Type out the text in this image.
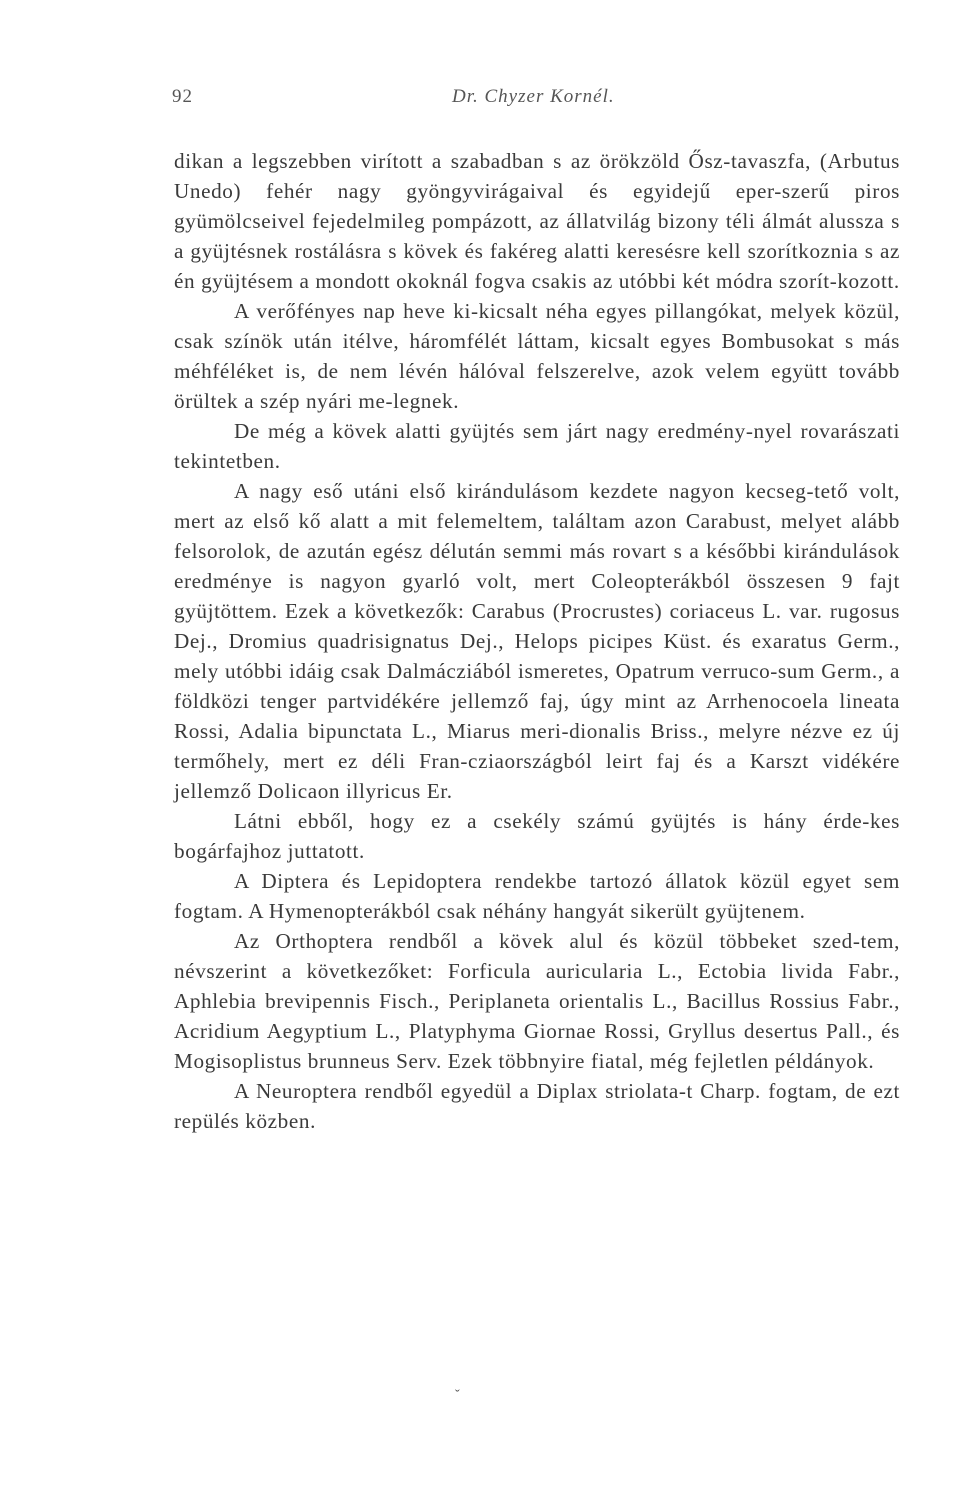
92	Dr. Chyzer Kornél.

dikan a legszebben virított a szabadban s az örökzöld Ősz-tavaszfa, (Arbutus Unedo) fehér nagy gyöngyvirágaival és egyidejű eper-szerű piros gyümölcseivel fejedelmileg pompázott, az állatvilág bizony téli álmát alussza s a gyüjtésnek rostálásra s kövek és fakéreg alatti keresésre kell szorítkoznia s az én gyüjtésem a mondott okoknál fogva csakis az utóbbi két módra szorít-kozott.

A verőfényes nap heve ki-kicsalt néha egyes pillangókat, melyek közül, csak színök után itélve, háromfélét láttam, kicsalt egyes Bombusokat s más méhféléket is, de nem lévén hálóval felszerelve, azok velem együtt tovább örültek a szép nyári me-legnek.

De még a kövek alatti gyüjtés sem járt nagy eredmény-nyel rovarászati tekintetben.

A nagy eső utáni első kirándulásom kezdete nagyon kecseg-tető volt, mert az első kő alatt a mit felemeltem, találtam azon Carabust, melyet alább felsorolok, de azután egész délután semmi más rovart s a későbbi kirándulások eredménye is nagyon gyarló volt, mert Coleopterákból összesen 9 fajt gyüjtöttem. Ezek a következők: Carabus (Procrustes) coriaceus L. var. rugosus Dej., Dromius quadrisignatus Dej., Helops picipes Küst. és exaratus Germ., mely utóbbi idáig csak Dalmácziából ismeretes, Opatrum verruco-sum Germ., a földközi tenger partvidékére jellemző faj, úgy mint az Arrhenocoela lineata Rossi, Adalia bipunctata L., Miarus meri-dionalis Briss., melyre nézve ez új termőhely, mert ez déli Fran-cziaországból leirt faj és a Karszt vidékére jellemző Dolicaon illyricus Er.

Látni ebből, hogy ez a csekély számú gyüjtés is hány érde-kes bogárfajhoz juttatott.

A Diptera és Lepidoptera rendekbe tartozó állatok közül egyet sem fogtam. A Hymenopterákból csak néhány hangyát sikerült gyüjtenem.

Az Orthoptera rendből a kövek alul és közül többeket szed-tem, névszerint a következőket: Forficula auricularia L., Ectobia livida Fabr., Aphlebia brevipennis Fisch., Periplaneta orientalis L., Bacillus Rossius Fabr., Acridium Aegyptium L., Platyphyma Giornae Rossi, Gryllus desertus Pall., és Mogisoplistus brunneus Serv. Ezek többnyire fiatal, még fejletlen példányok.

A Neuroptera rendből egyedül a Diplax striolata-t Charp. fogtam, de ezt repülés közben.

ˇ
